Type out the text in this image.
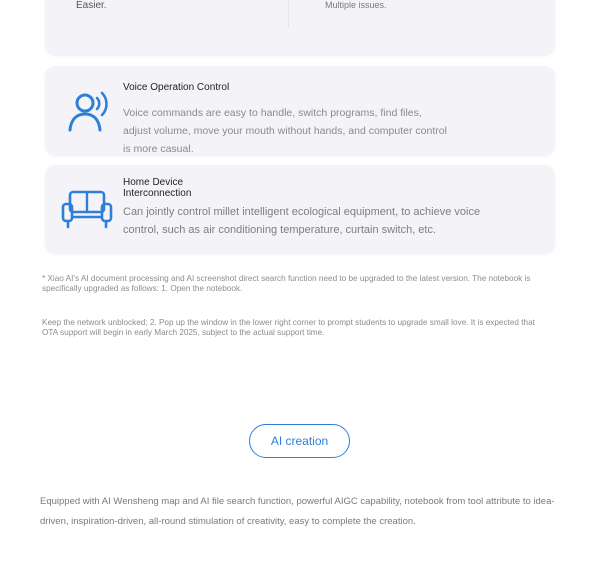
Easier.	Multiple issues.
Voice Operation Control
Voice commands are easy to handle, switch programs, find files, adjust volume, move your mouth without hands, and computer control is more casual.
Home Device Interconnection
Can jointly control millet intelligent ecological equipment, to achieve voice control, such as air conditioning temperature, curtain switch, etc.
* Xiao AI's AI document processing and AI screenshot direct search function need to be upgraded to the latest version. The notebook is specifically upgraded as follows: 1. Open the notebook.
Keep the network unblocked; 2. Pop up the window in the lower right corner to prompt students to upgrade small love. It is expected that OTA support will begin in early March 2025, subject to the actual support time.
AI creation
Equipped with AI Wensheng map and AI file search function, powerful AIGC capability, notebook from tool attribute to idea-driven, inspiration-driven, all-round stimulation of creativity, easy to complete the creation.
